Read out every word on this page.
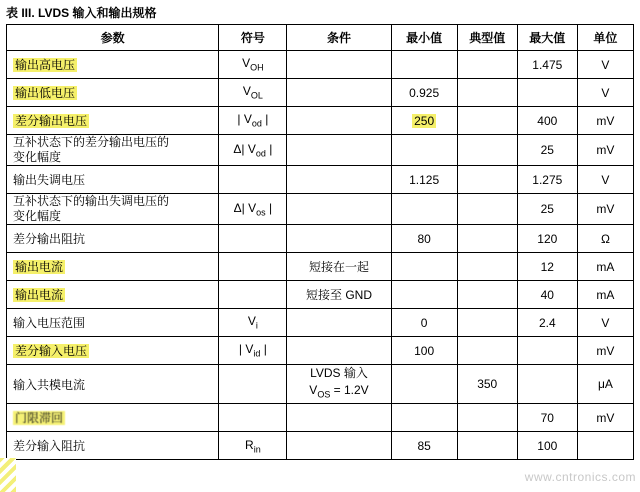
表 III. LVDS 输入和输出规格
参数	符号	条件	最小值	典型值	最大值	单位
输出高电压	$V_{OH}$				1.475	V
输出低电压	$V_{OL}$		0.925			V
差分输出电压	| $V_{od}$ |		250		400	mV

互补状态下的差分输出电压的
变化幅度	Δ| $V_{od}$ |				25	mV
输出失调电压			1.125		1.275	V

互补状态下的输出失调电压的
变化幅度	Δ| $V_{os}$ |				25	mV
差分输出阻抗			80		120	Ω
输出电流		短接在一起			12	mA
输出电流		短接至 GND			40	mA
输入电压范围	$V_i$		0		2.4	V
差分输入电压	| $V_{id}$ |		100			mV
输入共模电流		LVDS 输入
$V_{OS} = 1.2V$		350		μA
门限滞回					70	mV
差分输入阻抗	$R_{in}$		85		100	
www.cntronics.com
